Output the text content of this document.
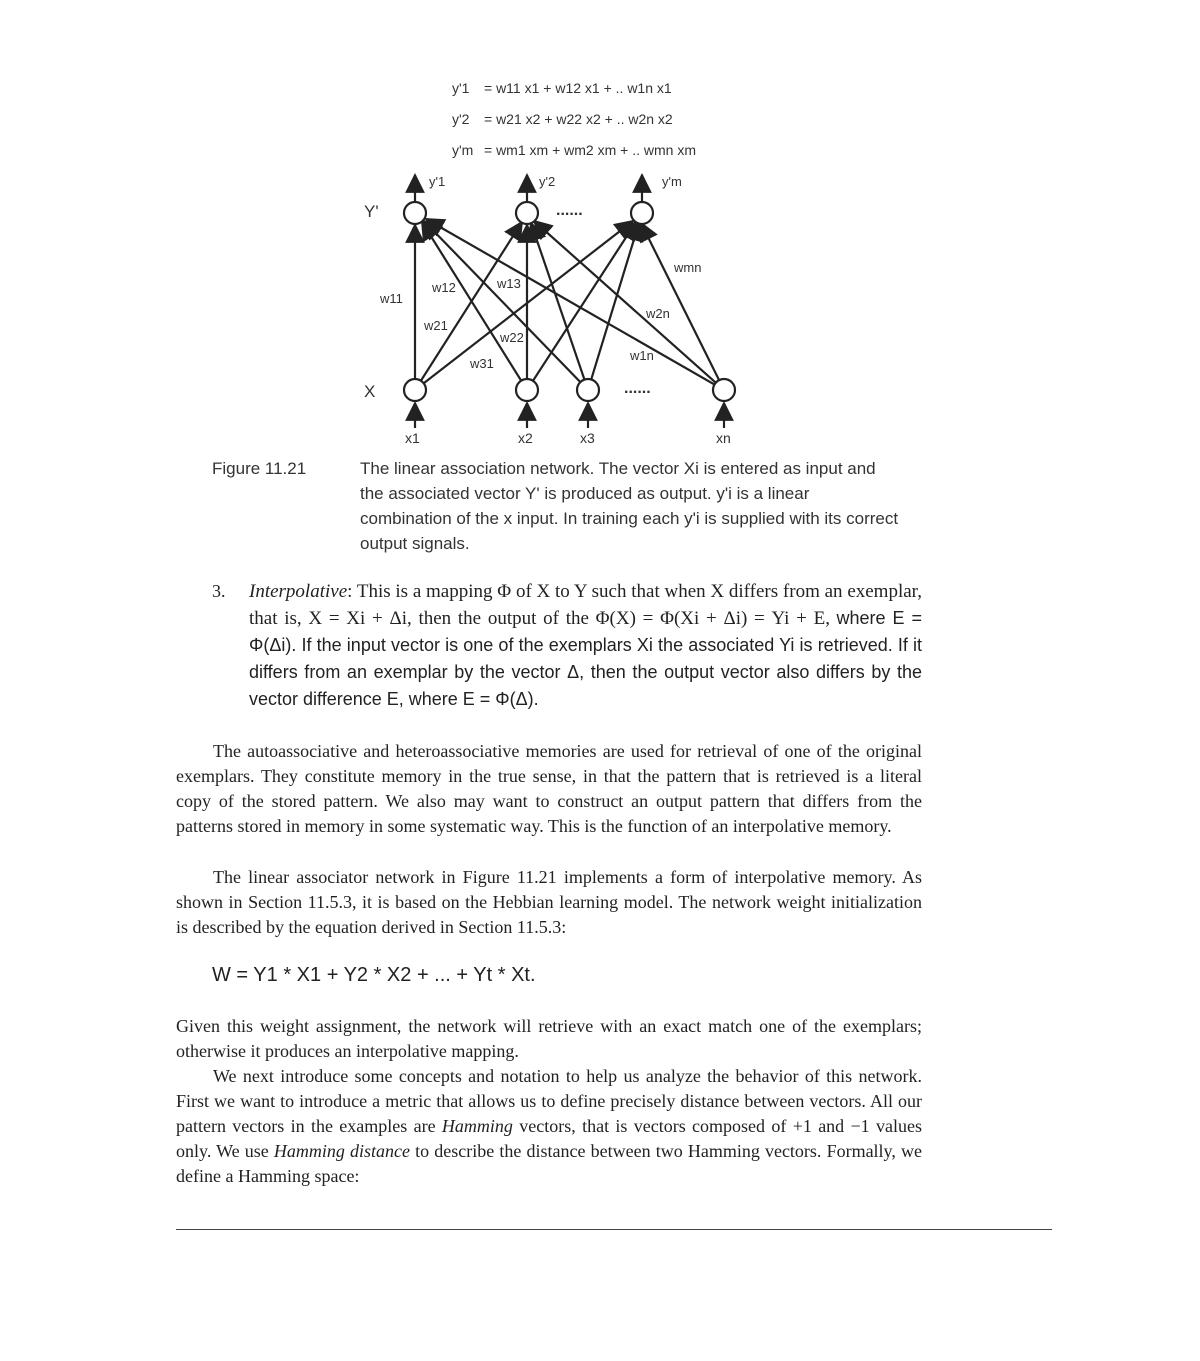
y'1 = w11 x1 + w12 x1 + .. w1n x1
y'2 = w21 x2 + w22 x2 + .. w2n x2
y'm = wm1 xm + wm2 xm + .. wmn xm
Y'
X
......
......
y'1	y'2	y'm
x1	x2	x3	xn
w11
w12	w13
w21
w22
w31
wmn
w2n
w1n
Figure 11.21	The linear association network. The vector Xi is entered as input and the associated vector Y' is produced as output. y'i is a linear combination of the x input. In training each y'i is supplied with its correct output signals.
3. Interpolative: This is a mapping Φ of X to Y such that when X differs from an exemplar, that is, X = Xi + Δi, then the output of the Φ(X) = Φ(Xi + Δi) = Yi + E, where E = Φ(Δi). If the input vector is one of the exemplars Xi the associated Yi is retrieved. If it differs from an exemplar by the vector Δ, then the output vector also differs by the vector difference E, where E = Φ(Δ).
The autoassociative and heteroassociative memories are used for retrieval of one of the original exemplars. They constitute memory in the true sense, in that the pattern that is retrieved is a literal copy of the stored pattern. We also may want to construct an output pattern that differs from the patterns stored in memory in some systematic way. This is the function of an interpolative memory.
The linear associator network in Figure 11.21 implements a form of interpolative memory. As shown in Section 11.5.3, it is based on the Hebbian learning model. The network weight initialization is described by the equation derived in Section 11.5.3:
W = Y1 * X1 + Y2 * X2 + ... + Yt * Xt.
Given this weight assignment, the network will retrieve with an exact match one of the exemplars; otherwise it produces an interpolative mapping.
We next introduce some concepts and notation to help us analyze the behavior of this network. First we want to introduce a metric that allows us to define precisely distance between vectors. All our pattern vectors in the examples are Hamming vectors, that is vectors composed of +1 and −1 values only. We use Hamming distance to describe the distance between two Hamming vectors. Formally, we define a Hamming space:
